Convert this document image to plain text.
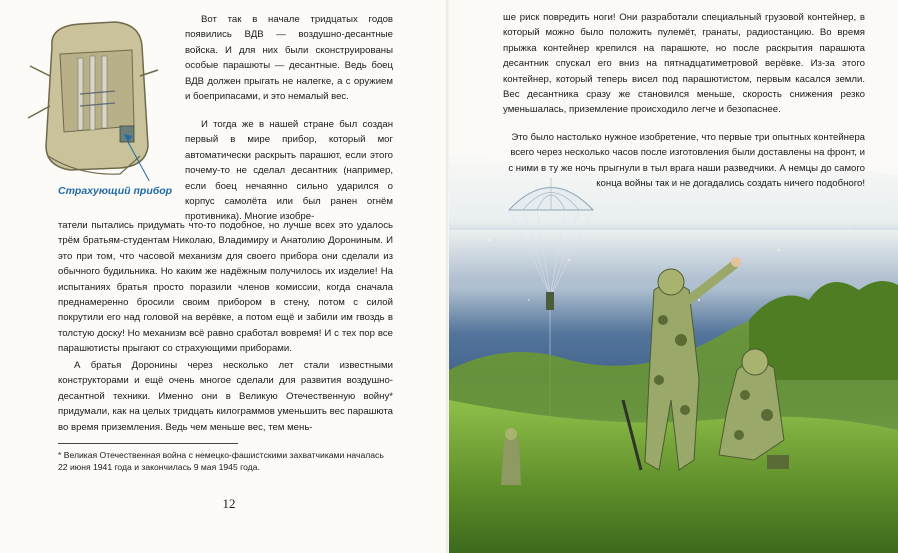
Страхующий прибор

Вот так в начале тридцатых годов появились ВДВ — воздушно-десантные войска. И для них были сконструированы особые парашюты — десантные. Ведь боец ВДВ должен прыгать не налегке, а с оружием и боеприпасами, и это немалый вес.

И тогда же в нашей стране был создан первый в мире прибор, который мог автоматически раскрыть парашют, если этого почему-то не сделал десантник (например, если боец нечаянно сильно ударился о корпус самолёта или был ранен огнём противника). Многие изобре-

татели пытались придумать что-то подобное, но лучше всех это удалось трём братьям-студентам Николаю, Владимиру и Анатолию Дорониным. И это при том, что часовой механизм для своего прибора они сделали из обычного будильника. Но каким же надёжным получилось их изделие! На испытаниях братья просто поразили членов комиссии, когда сначала преднамеренно бросили своим прибором в стену, потом с силой покрутили его над головой на верёвке, а потом ещё и забили им гвоздь в толстую доску! Но механизм всё равно сработал вовремя! И с тех пор все парашютисты прыгают со страхующими приборами.

А братья Доронины через несколько лет стали известными конструкторами и ещё очень многое сделали для развития воздушно-десантной техники. Именно они в Великую Отечественную войну* придумали, как на целых тридцать килограммов уменьшить вес парашюта во время приземления. Ведь чем меньше вес, тем мень-

* Великая Отечественная война с немецко-фашистскими захватчиками началась 22 июня 1941 года и закончилась 9 мая 1945 года.
12

ше риск повредить ноги! Они разработали специальный грузовой контейнер, в который можно было положить пулемёт, гранаты, радиостанцию. Во время прыжка контейнер крепился на парашюте, но после раскрытия парашюта десантник спускал его вниз на пятнадцатиметровой верёвке. Из-за этого контейнер, который теперь висел под парашютистом, первым касался земли. Вес десантника сразу же становился меньше, скорость снижения резко уменьшалась, приземление происходило легче и безопаснее.

Это было настолько нужное изобретение, что первые три опытных контейнера всего через несколько часов после изготовления были доставлены на фронт, и с ними в ту же ночь прыгнули в тыл врага наши разведчики. А немцы до самого конца войны так и не догадались создать ничего подобного!
